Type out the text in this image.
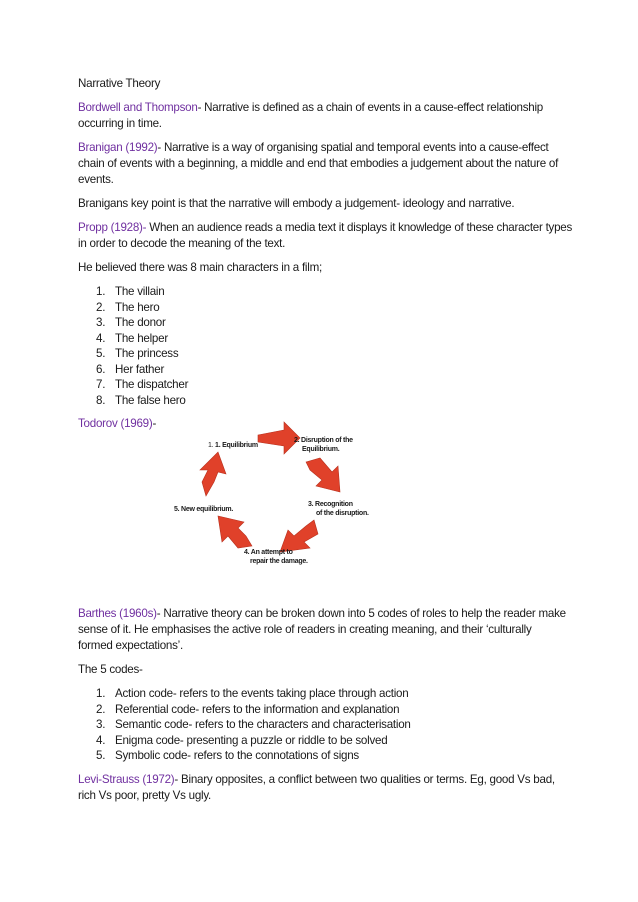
Narrative Theory
Bordwell and Thompson- Narrative is defined as a chain of events in a cause-effect relationship
occurring in time.
Branigan (1992)- Narrative is a way of organising spatial and temporal events into a cause-effect
chain of events with a beginning, a middle and end that embodies a judgement about the nature of
events.
Branigans key point is that the narrative will embody a judgement- ideology and narrative.
Propp (1928)- When an audience reads a media text it displays it knowledge of these character types
in order to decode the meaning of the text.
He believed there was 8 main characters in a film;
1. The villain
2. The hero
3. The donor
4. The helper
5. The princess
6. Her father
7. The dispatcher
8. The false hero
Todorov (1969)-
1. 1. Equilibrium
2. Disruption of the
Equilibrium.
3. Recognition
of the disruption.
4. An attempt to
repair the damage.
5. New equilibrium.
Barthes (1960s)- Narrative theory can be broken down into 5 codes of roles to help the reader make
sense of it. He emphasises the active role of readers in creating meaning, and their ‘culturally
formed expectations’.
The 5 codes-
1. Action code- refers to the events taking place through action
2. Referential code- refers to the information and explanation
3. Semantic code- refers to the characters and characterisation
4. Enigma code- presenting a puzzle or riddle to be solved
5. Symbolic code- refers to the connotations of signs
Levi-Strauss (1972)- Binary opposites, a conflict between two qualities or terms. Eg, good Vs bad,
rich Vs poor, pretty Vs ugly.
